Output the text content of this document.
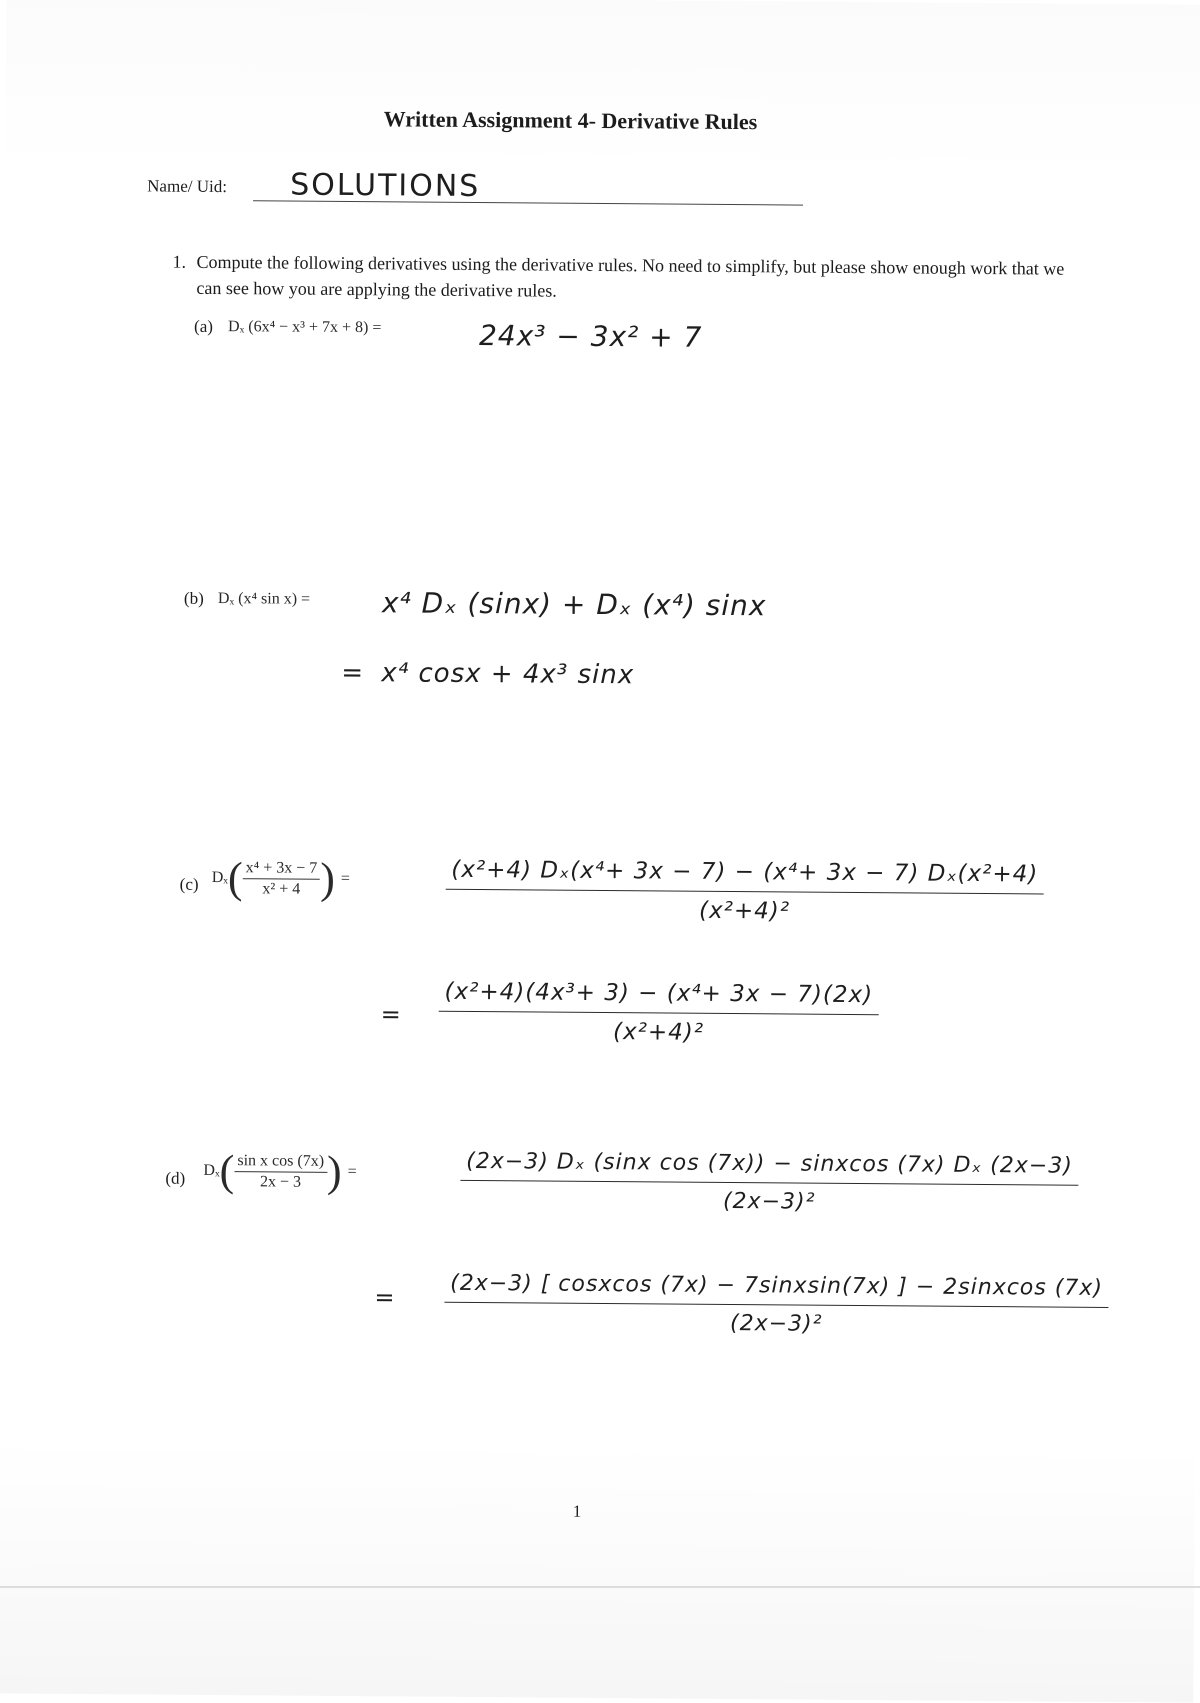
Written Assignment 4- Derivative Rules
Name/ Uid: SOLUTIONS
1. Compute the following derivatives using the derivative rules. No need to simplify, but please show enough work that we can see how you are applying the derivative rules.
(a) Dₓ (6x⁴ − x³ + 7x + 8) =	24x³ − 3x² + 7
(b) Dₓ (x⁴ sin x) =	x⁴ Dₓ (sinx) + Dₓ (x⁴) sinx
= x⁴ cosx + 4x³ sinx
(c) Dₓ ( $\frac{\text{x⁴ + 3x − 7}}{\text{x² + 4}}$ ) =	$\frac{\text{(x²+4) Dₓ(x⁴+ 3x − 7) − (x⁴+ 3x − 7) Dₓ(x²+4)}}{\text{(x²+4)²}}$
= $\frac{\text{(x²+4)(4x³+ 3) − (x⁴+ 3x − 7)(2x)}}{\text{(x²+4)²}}$
(d) Dₓ ( $\frac{\text{sin x cos (7x)}}{2x - 3}$ ) =	$\frac{\text{(2x−3) Dₓ (sinx cos (7x)) − sinxcos (7x) Dₓ (2x−3)}}{\text{(2x−3)²}}$
= $\frac{\text{(2x−3) [ cosxcos (7x) − 7sinxsin(7x) ] − 2sinxcos (7x)}}{\text{(2x−3)²}}$
1
